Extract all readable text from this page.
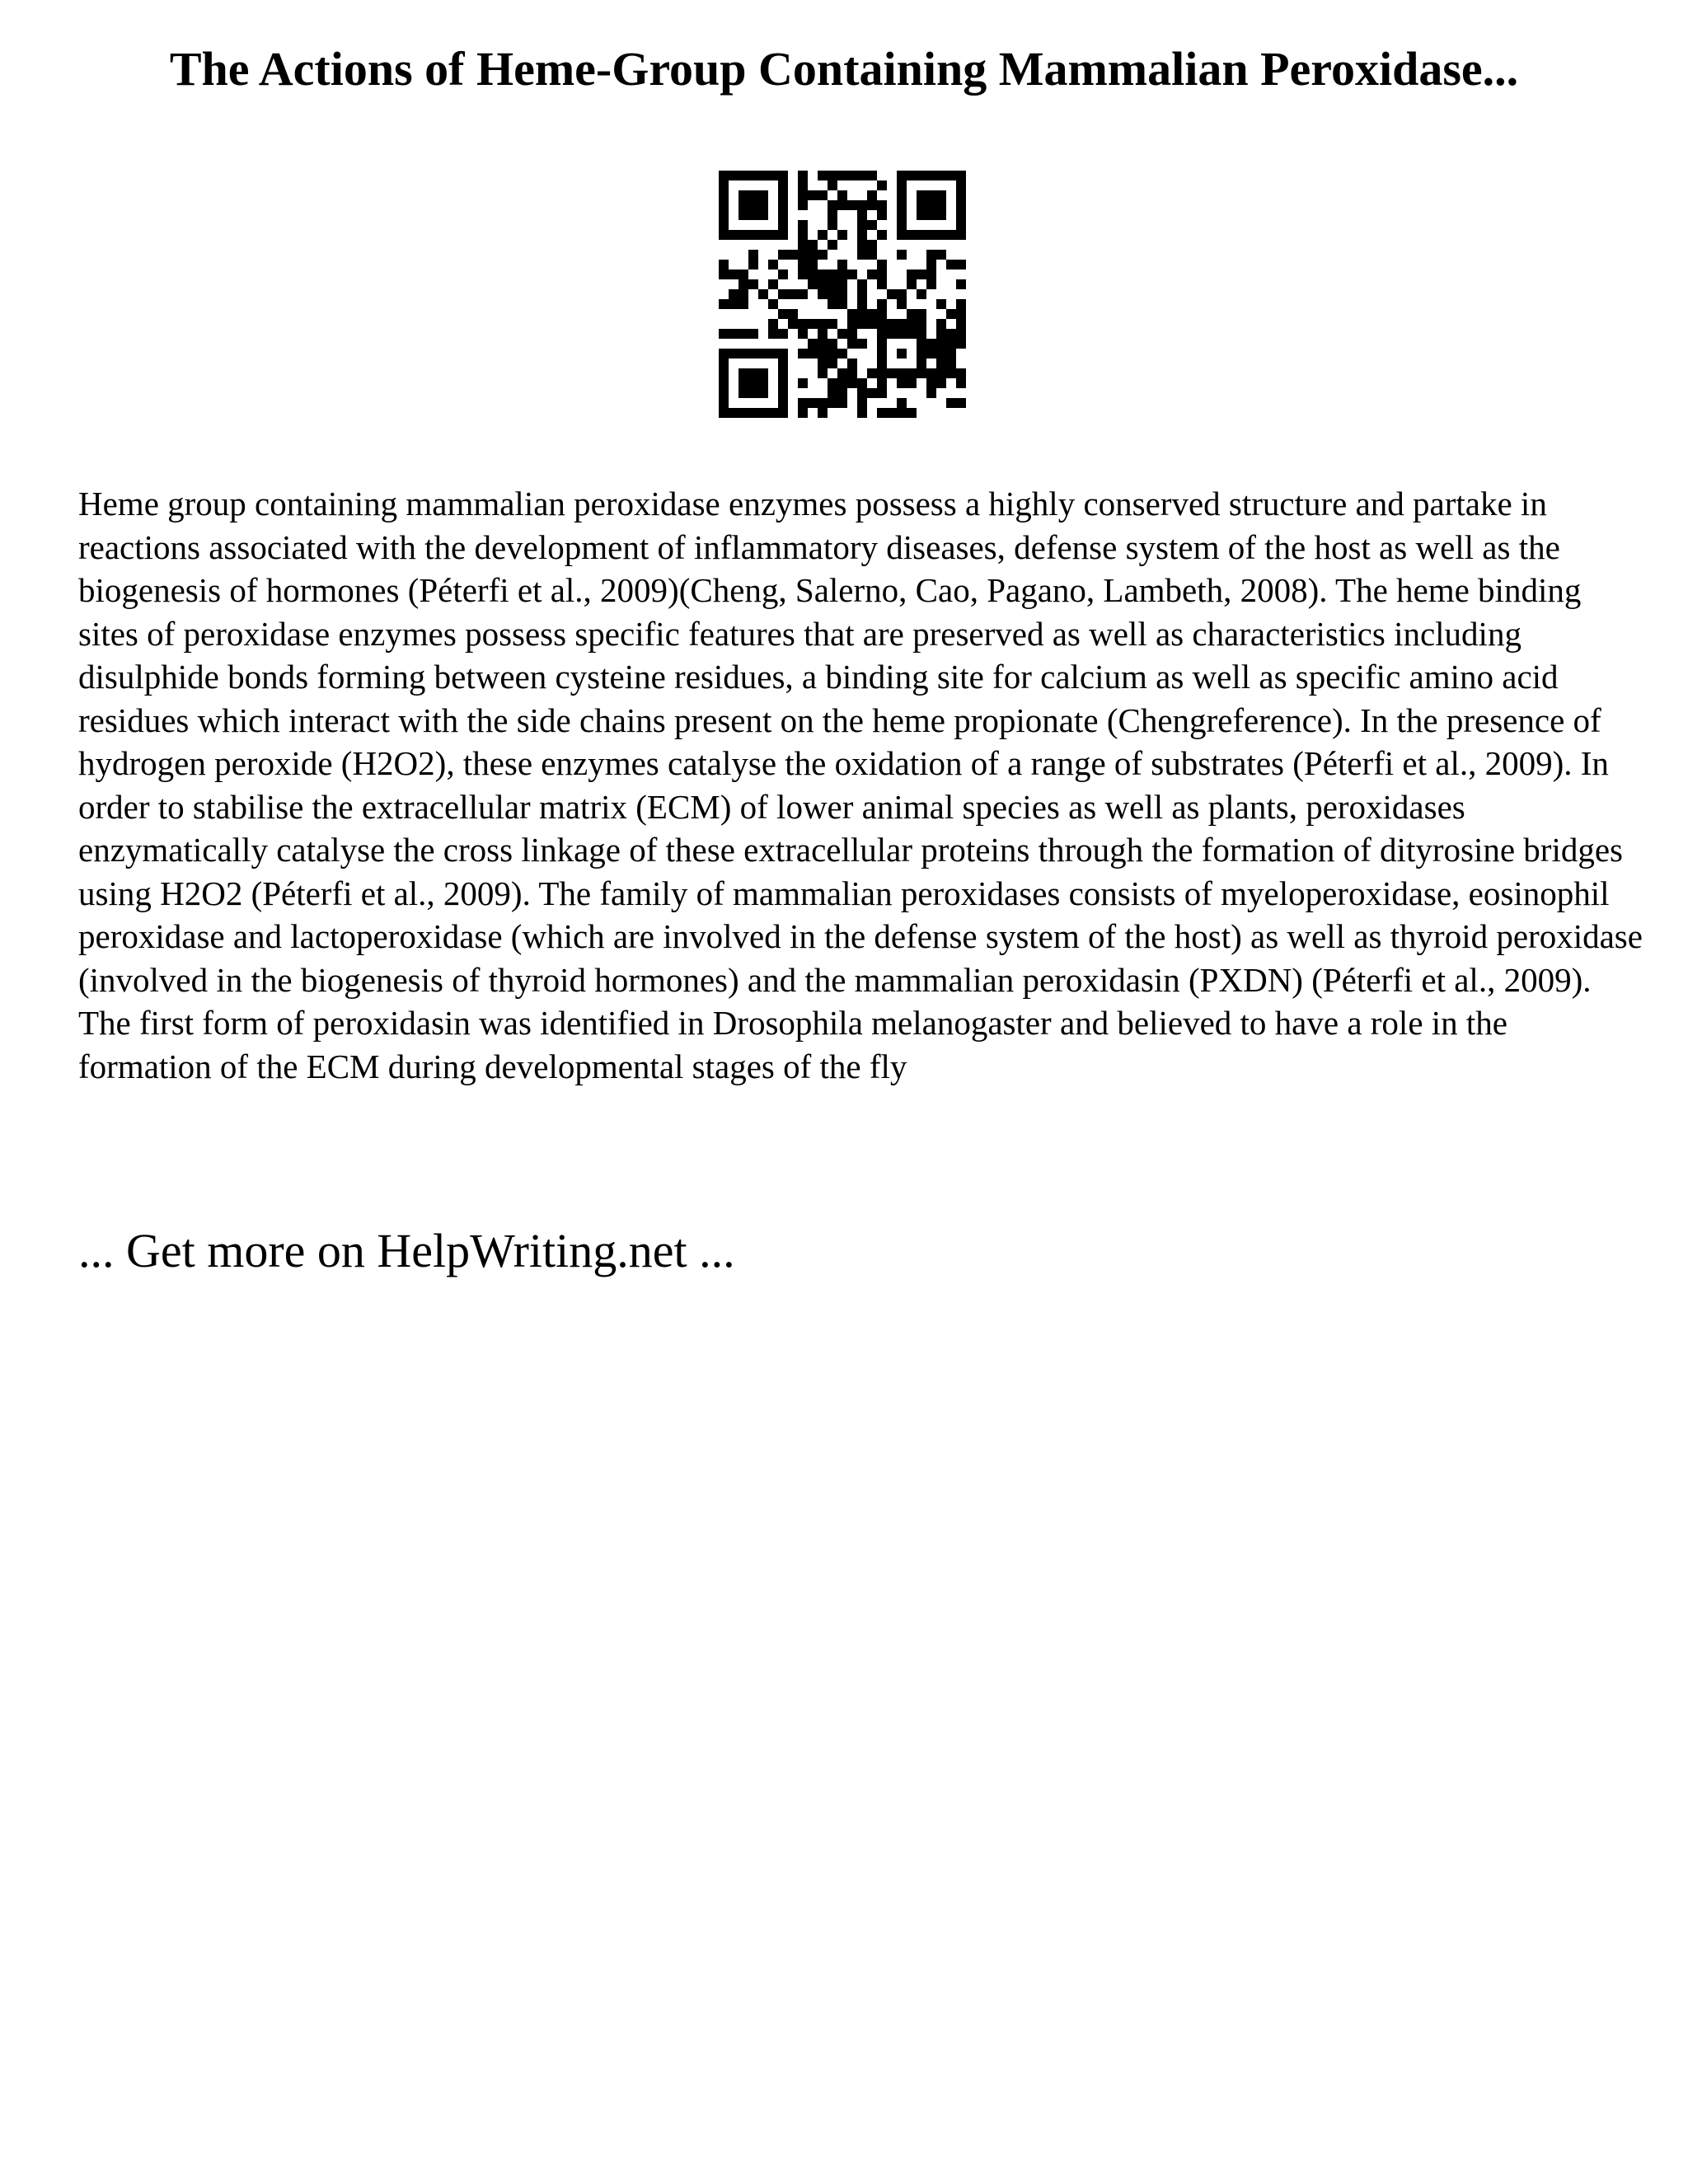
The Actions of Heme-Group Containing Mammalian Peroxidase...

Heme group containing mammalian peroxidase enzymes possess a highly conserved structure and partake in reactions associated with the development of inflammatory diseases, defense system of the host as well as the biogenesis of hormones (Péterfi et al., 2009)(Cheng, Salerno, Cao, Pagano, Lambeth, 2008). The heme binding sites of peroxidase enzymes possess specific features that are preserved as well as characteristics including disulphide bonds forming between cysteine residues, a binding site for calcium as well as specific amino acid residues which interact with the side chains present on the heme propionate (Chengreference). In the presence of hydrogen peroxide (H2O2), these enzymes catalyse the oxidation of a range of substrates (Péterfi et al., 2009). In order to stabilise the extracellular matrix (ECM) of lower animal species as well as plants, peroxidases enzymatically catalyse the cross linkage of these extracellular proteins through the formation of dityrosine bridges using H2O2 (Péterfi et al., 2009). The family of mammalian peroxidases consists of myeloperoxidase, eosinophil peroxidase and lactoperoxidase (which are involved in the defense system of the host) as well as thyroid peroxidase (involved in the biogenesis of thyroid hormones) and the mammalian peroxidasin (PXDN) (Péterfi et al., 2009).

The first form of peroxidasin was identified in Drosophila melanogaster and believed to have a role in the formation of the ECM during developmental stages of the fly

... Get more on HelpWriting.net ...
